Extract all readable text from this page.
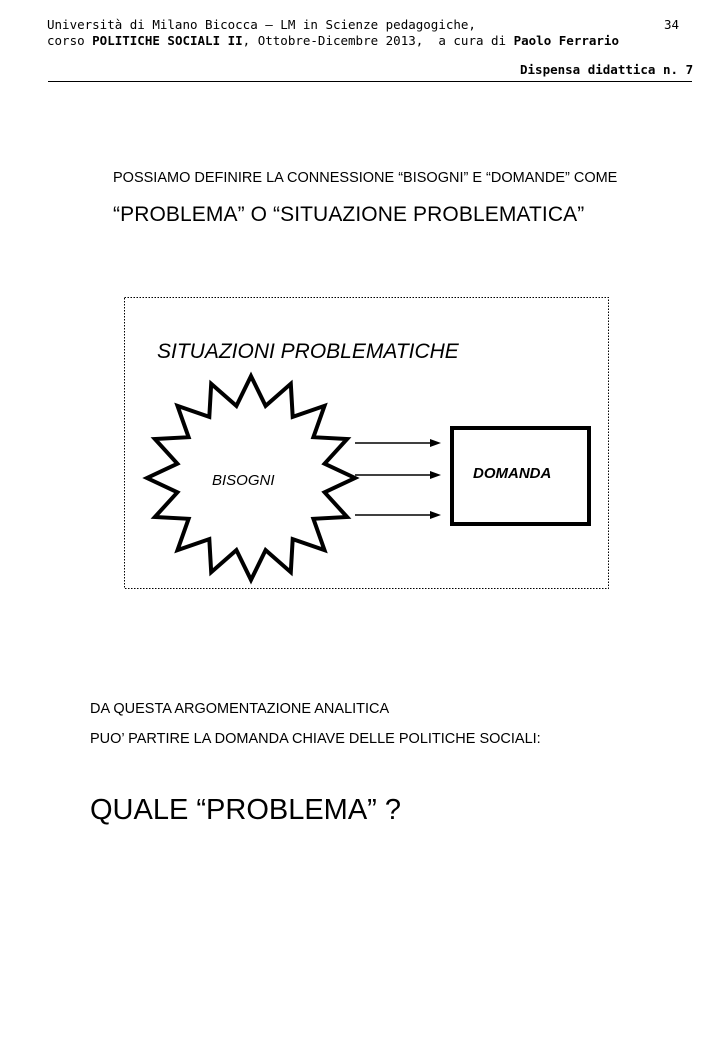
Università di Milano Bicocca – LM in Scienze pedagogiche,
corso POLITICHE SOCIALI II, Ottobre-Dicembre 2013,  a cura di Paolo Ferrario
34
Dispensa didattica n. 7
POSSIAMO DEFINIRE LA CONNESSIONE “BISOGNI” E “DOMANDE” COME
“PROBLEMA” O “SITUAZIONE PROBLEMATICA”
SITUAZIONI PROBLEMATICHE
BISOGNI	DOMANDA
DA QUESTA ARGOMENTAZIONE ANALITICA
PUO’ PARTIRE LA DOMANDA CHIAVE DELLE POLITICHE SOCIALI:
QUALE “PROBLEMA” ?
